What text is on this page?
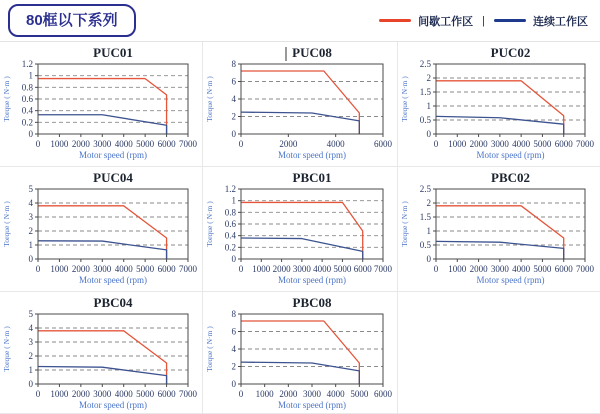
80框以下系列	间歇工作区 |	连续工作区
PUC01
0 1000 2000 3000 4000 5000 6000 7000
0
0.2
0.4
0.6
0.8
1
1.2
Motor speed (rpm)
Torque ( N·m )
PUC08
0	2000	4000	6000
0
2
4
6
8
Motor speed (rpm)
Torque ( N·m )
PUC02
0 1000 2000 3000 4000 5000 6000 7000
0
0.5
1
1.5
2
2.5
Motor speed (rpm)
Torque ( N·m )
PUC04
0 1000 2000 3000 4000 5000 6000 7000
0
1
2
3
4
5
Motor speed (rpm)
Torque ( N·m )
PBC01
0 1000 2000 3000 4000 5000 6000 7000
0
0.2
0.4
0.6
0.8
1
1.2
Motor speed (rpm)
Torque ( N·m )
PBC02
0 1000 2000 3000 4000 5000 6000 7000
0
0.5
1
1.5
2
2.5
Motor speed (rpm)
Torque ( N·m )
PBC04
0 1000 2000 3000 4000 5000 6000 7000
0
1
2
3
4
5
Motor speed (rpm)
Torque ( N·m )
PBC08
0 1000 2000 3000 4000 5000 6000
0
2
4
6
8
Motor speed (rpm)
Torque ( N·m )
